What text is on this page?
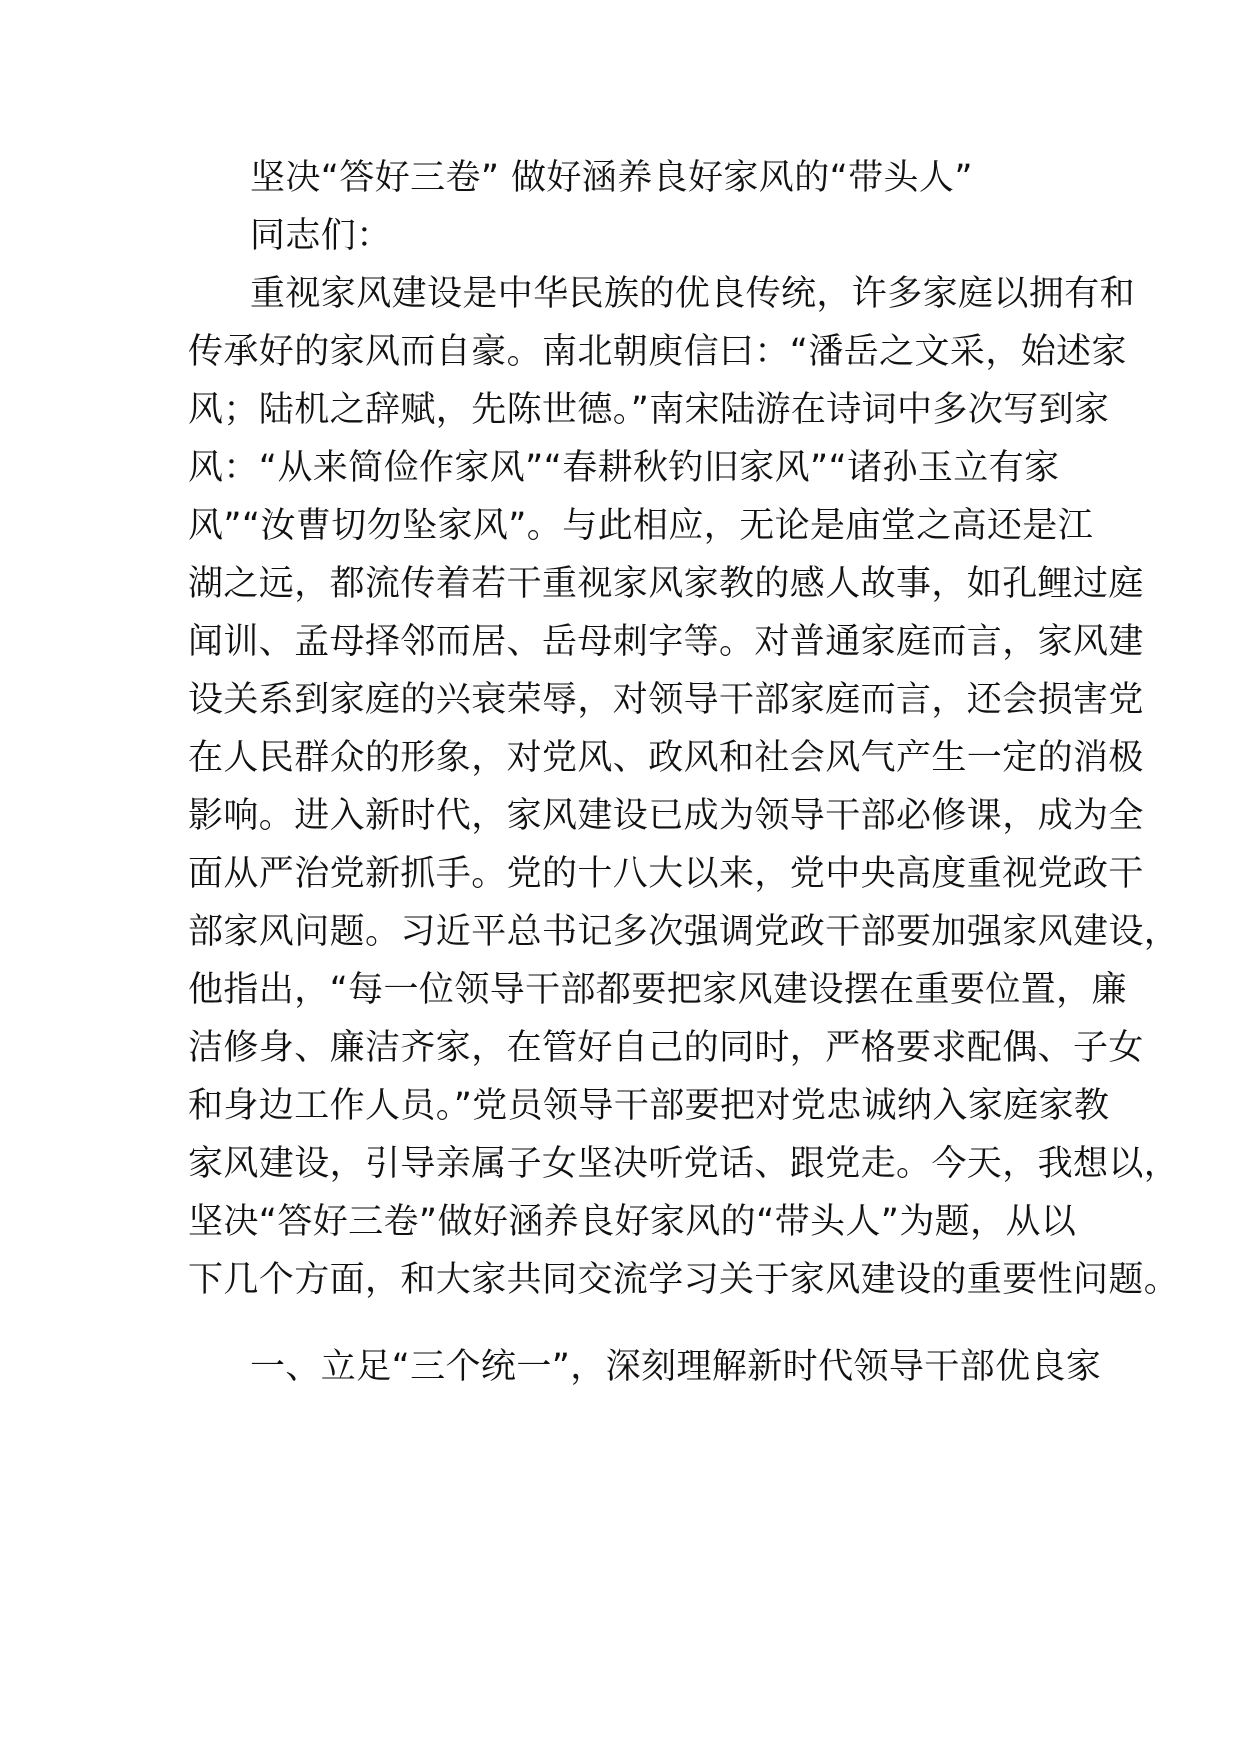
坚决“答好三卷” 做好涵养良好家风的“带头人”
同志们：
重视家风建设是中华民族的优良传统，许多家庭以拥有和
传承好的家风而自豪。南北朝庾信曰：“潘岳之文采，始述家
风；陆机之辞赋，先陈世德。”南宋陆游在诗词中多次写到家
风：“从来简俭作家风”“春耕秋钓旧家风”“诸孙玉立有家
风”“汝曹切勿坠家风”。与此相应，无论是庙堂之高还是江
湖之远，都流传着若干重视家风家教的感人故事，如孔鲤过庭
闻训、孟母择邻而居、岳母刺字等。对普通家庭而言，家风建
设关系到家庭的兴衰荣辱，对领导干部家庭而言，还会损害党
在人民群众的形象，对党风、政风和社会风气产生一定的消极
影响。进入新时代，家风建设已成为领导干部必修课，成为全
面从严治党新抓手。党的十八大以来，党中央高度重视党政干
部家风问题。习近平总书记多次强调党政干部要加强家风建设，
他指出，“每一位领导干部都要把家风建设摆在重要位置，廉
洁修身、廉洁齐家，在管好自己的同时，严格要求配偶、子女
和身边工作人员。”党员领导干部要把对党忠诚纳入家庭家教
家风建设，引导亲属子女坚决听党话、跟党走。今天，我想以，
坚决“答好三卷”做好涵养良好家风的“带头人”为题，从以
下几个方面，和大家共同交流学习关于家风建设的重要性问题。
一、立足“三个统一”，深刻理解新时代领导干部优良家
